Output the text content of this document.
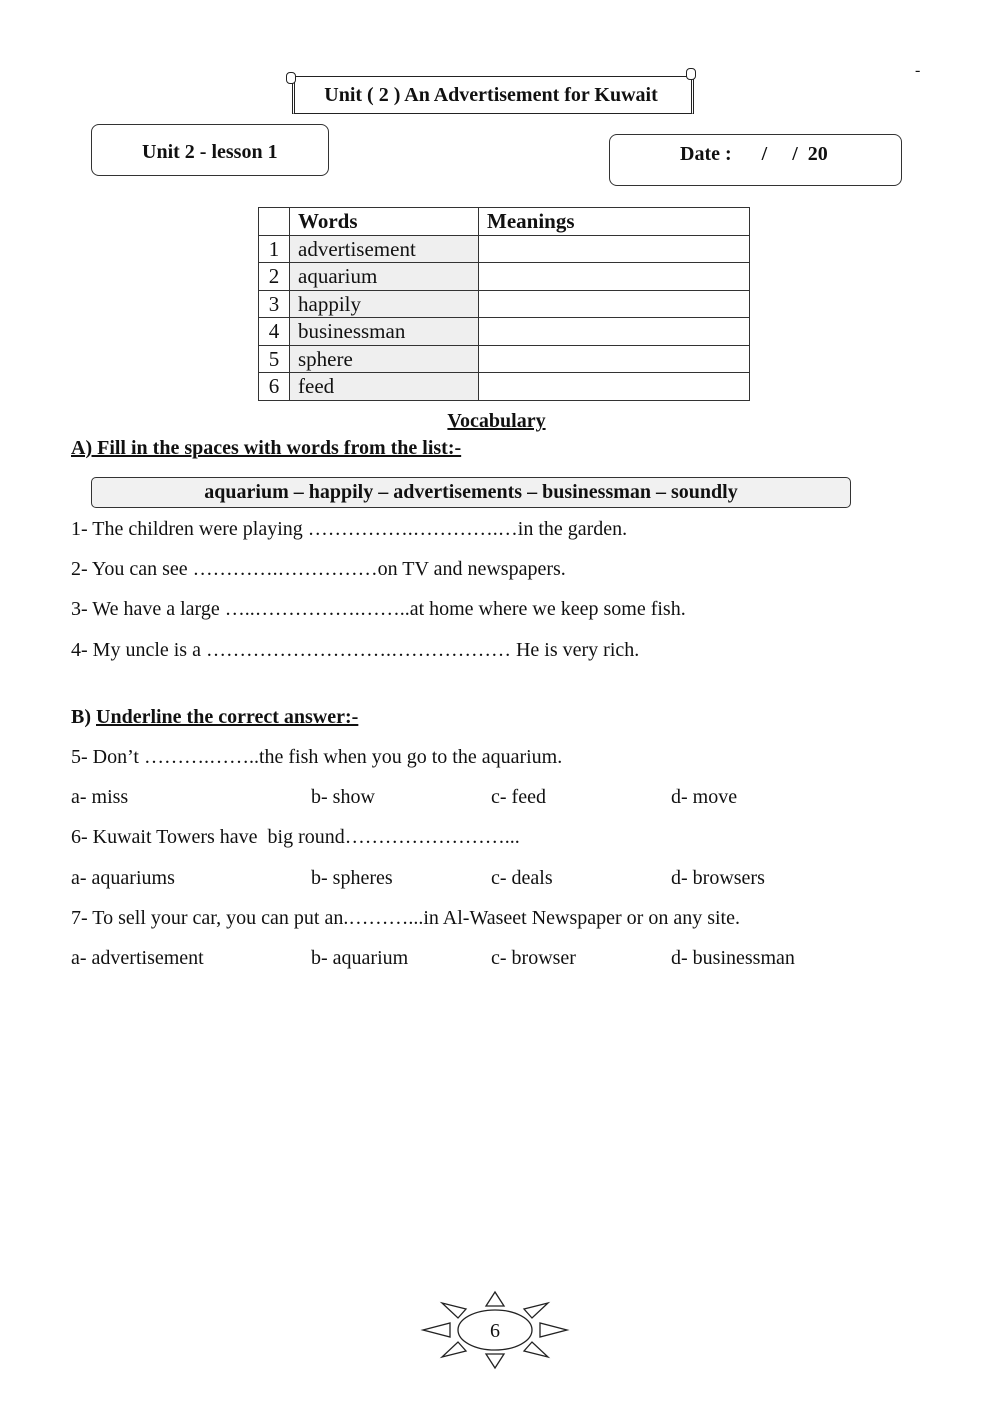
-
Unit ( 2 ) An Advertisement for Kuwait
Unit 2 - lesson 1	Date :      /     /  20
	Words	Meanings
1	advertisement	
2	aquarium	
3	happily	
4	businessman	
5	sphere	
6	feed	
Vocabulary
A) Fill in the spaces with words from the list:-
aquarium – happily – advertisements – businessman – soundly
1- The children were playing …………….………….…in the garden.
2- You can see ………….……………on TV and newspapers.
3- We have a large …..…………….……..at home where we keep some fish.
4- My uncle is a ……………………….……………… He is very rich.
B) Underline the correct answer:-
5- Don’t ……….……..the fish when you go to the aquarium.
a- miss	b- show	c- feed	d- move
6- Kuwait Towers have  big round……………………...
a- aquariums	b- spheres	c- deals	d- browsers
7- To sell your car, you can put an.………...in Al-Waseet Newspaper or on any site.
a- advertisement	b- aquarium	c- browser	d- businessman
6
